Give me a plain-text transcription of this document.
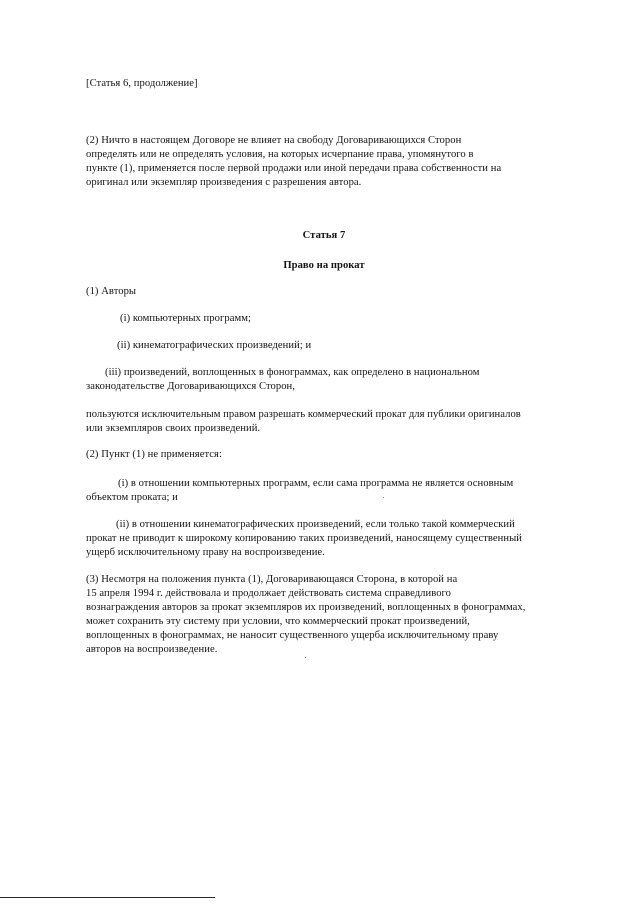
[Статья 6, продолжение]
(2) Ничто в настоящем Договоре не влияет на свободу Договаривающихся Сторон
определять или не определять условия, на которых исчерпание права, упомянутого в
пункте (1), применяется после первой продажи или иной передачи права собственности на
оригинал или экземпляр произведения с разрешения автора.
Статья 7
Право на прокат
(1) Авторы
(i) компьютерных программ;
(ii) кинематографических произведений; и
(iii) произведений, воплощенных в фонограммах, как определено в национальном
законодательстве Договаривающихся Сторон,
пользуются исключительным правом разрешать коммерческий прокат для публики оригиналов
или экземпляров своих произведений.
(2) Пункт (1) не применяется:
(i) в отношении компьютерных программ, если сама программа не является основным
объектом проката; и
(ii) в отношении кинематографических произведений, если только такой коммерческий
прокат не приводит к широкому копированию таких произведений, наносящему существенный
ущерб исключительному праву на воспроизведение.
(3) Несмотря на положения пункта (1), Договаривающаяся Сторона, в которой на
15 апреля 1994 г. действовала и продолжает действовать система справедливого
вознаграждения авторов за прокат экземпляров их произведений, воплощенных в фонограммах,
может сохранить эту систему при условии, что коммерческий прокат произведений,
воплощенных в фонограммах, не наносит существенного ущерба исключительному праву
авторов на воспроизведение.
